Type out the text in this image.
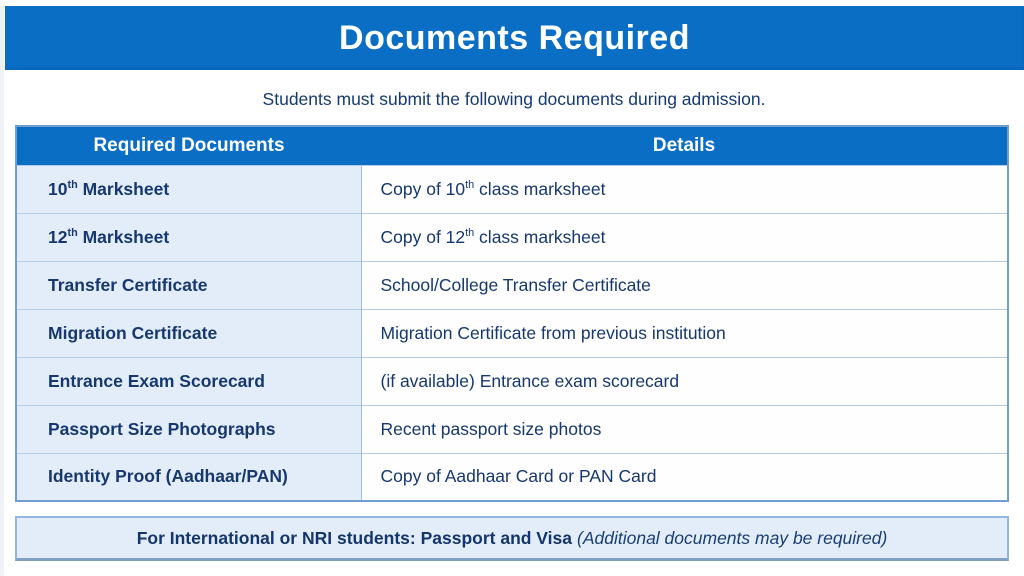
Documents Required

Students must submit the following documents during admission.

Required Documents	Details
10th Marksheet	Copy of 10th class marksheet
12th Marksheet	Copy of 12th class marksheet
Transfer Certificate	School/College Transfer Certificate
Migration Certificate	Migration Certificate from previous institution
Entrance Exam Scorecard	(if available) Entrance exam scorecard
Passport Size Photographs	Recent passport size photos
Identity Proof (Aadhaar/PAN)	Copy of Aadhaar Card or PAN Card
For International or NRI students: Passport and Visa (Additional documents may be required)
